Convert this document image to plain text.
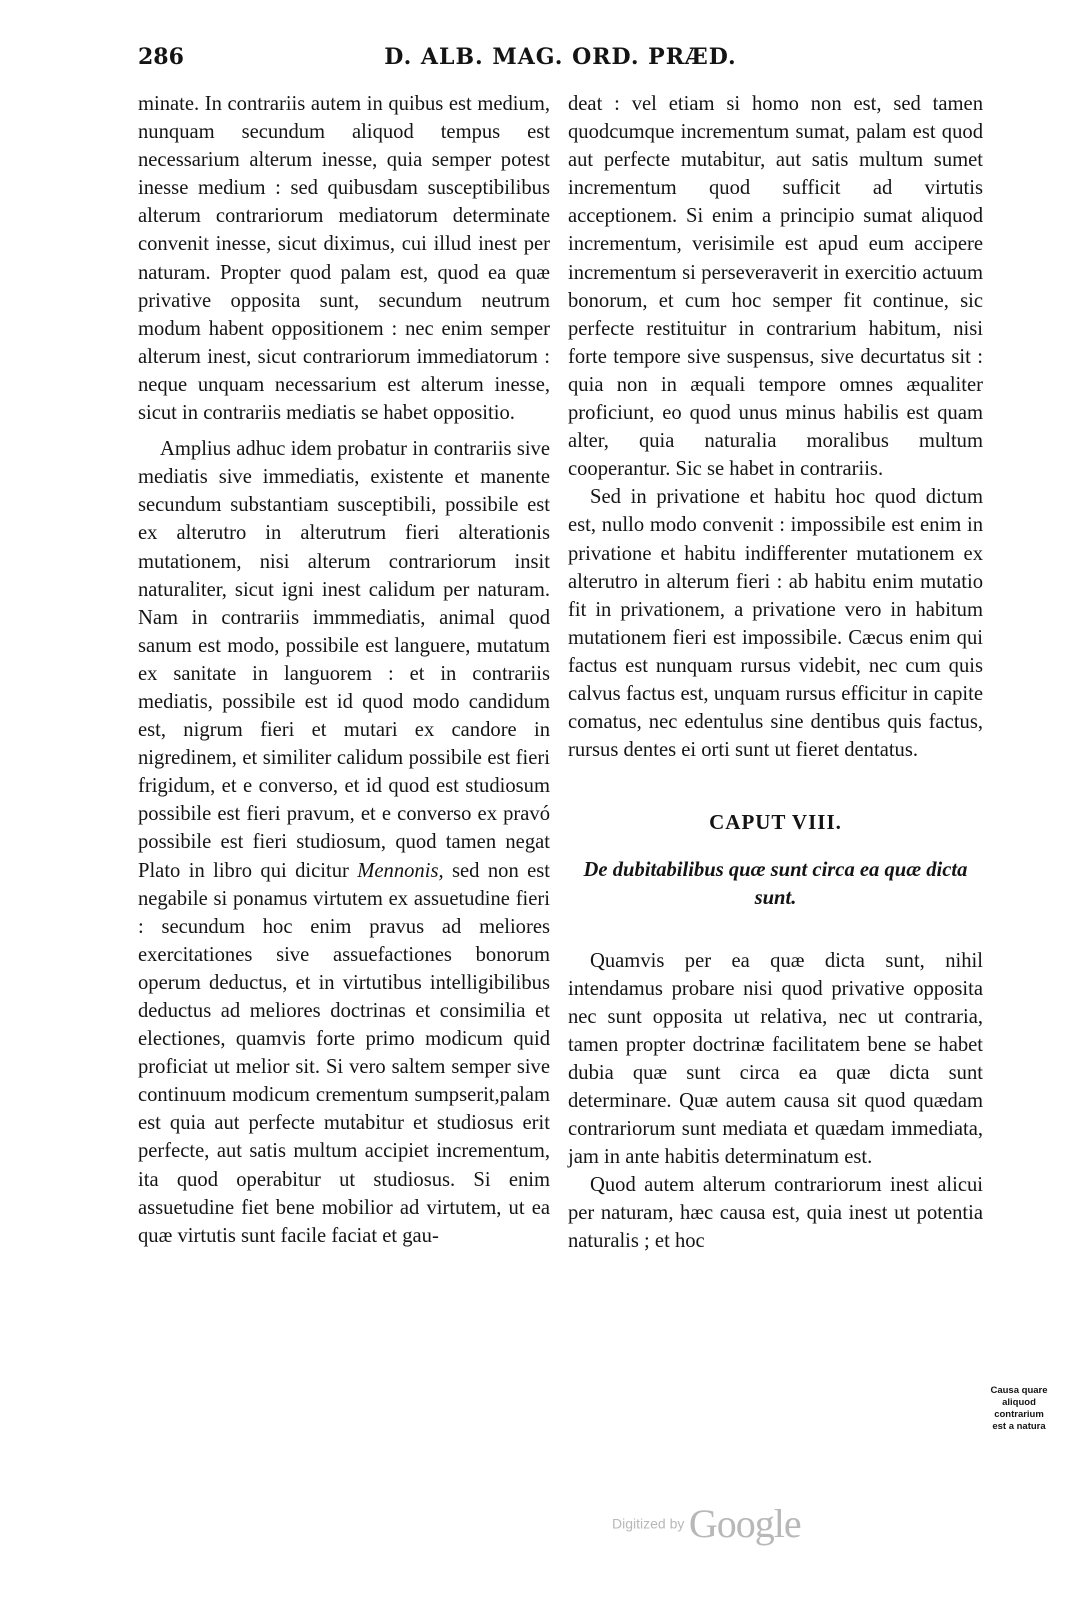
286	D. ALB. MAG. ORD. PRÆD.

minate. In contrariis autem in quibus est medium, nunquam secundum aliquod tempus est necessarium alterum inesse, quia semper potest inesse medium : sed quibusdam susceptibilibus alterum contrariorum mediatorum determinate convenit inesse, sicut diximus, cui illud inest per naturam. Propter quod palam est, quod ea quæ privative opposita sunt, secundum neutrum modum habent oppositionem : nec enim semper alterum inest, sicut contrariorum immediatorum : neque unquam necessarium est alterum inesse, sicut in contrariis mediatis se habet oppositio.

Amplius adhuc idem probatur in contrariis sive mediatis sive immediatis, existente et manente secundum substantiam susceptibili, possibile est ex alterutro in alterutrum fieri alterationis mutationem, nisi alterum contrariorum insit naturaliter, sicut igni inest calidum per naturam. Nam in contrariis immmediatis, animal quod sanum est modo, possibile est languere, mutatum ex sanitate in languorem : et in contrariis mediatis, possibile est id quod modo candidum est, nigrum fieri et mutari ex candore in nigredinem, et similiter calidum possibile est fieri frigidum, et e converso, et id quod est studiosum possibile est fieri pravum, et e converso ex pravó possibile est fieri studiosum, quod tamen negat Plato in libro qui dicitur Mennonis, sed non est negabile si ponamus virtutem ex assuetudine fieri : secundum hoc enim pravus ad meliores exercitationes sive assuefactiones bonorum operum deductus, et in virtutibus intelligibilibus deductus ad meliores doctrinas et consimilia et electiones, quamvis forte primo modicum quid proficiat ut melior sit. Si vero saltem semper sive continuum modicum crementum sumpserit,palam est quia aut perfecte mutabitur et studiosus erit perfecte, aut satis multum accipiet incrementum, ita quod operabitur ut studiosus. Si enim assuetudine fiet bene mobilior ad virtutem, ut ea quæ virtutis sunt facile faciat et gau-

deat : vel etiam si homo non est, sed tamen quodcumque incrementum sumat, palam est quod aut perfecte mutabitur, aut satis multum sumet incrementum quod sufficit ad virtutis acceptionem. Si enim a principio sumat aliquod incrementum, verisimile est apud eum accipere incrementum si perseveraverit in exercitio actuum bonorum, et cum hoc semper fit continue, sic perfecte restituitur in contrarium habitum, nisi forte tempore sive suspensus, sive decurtatus sit : quia non in æquali tempore omnes æqualiter proficiunt, eo quod unus minus habilis est quam alter, quia naturalia moralibus multum cooperantur. Sic se habet in contrariis.

Sed in privatione et habitu hoc quod dictum est, nullo modo convenit : impossibile est enim in privatione et habitu indifferenter mutationem ex alterutro in alterum fieri : ab habitu enim mutatio fit in privationem, a privatione vero in habitum mutationem fieri est impossibile. Cæcus enim qui factus est nunquam rursus videbit, nec cum quis calvus factus est, unquam rursus efficitur in capite comatus, nec edentulus sine dentibus quis factus, rursus dentes ei orti sunt ut fieret dentatus.

CAPUT VIII.

De dubitabilibus quæ sunt circa ea quæ dicta sunt.

Quamvis per ea quæ dicta sunt, nihil intendamus probare nisi quod privative opposita nec sunt opposita ut relativa, nec ut contraria, tamen propter doctrinæ facilitatem bene se habet dubia quæ sunt circa ea quæ dicta sunt determinare. Quæ autem causa sit quod quædam contrariorum sunt mediata et quædam immediata, jam in ante habitis determinatum est.

Quod autem alterum contrariorum inest alicui per naturam, hæc causa est, quia inest ut potentia naturalis ; et hoc

Causa quare aliquod contrarium est a natura
Digitized by Google
